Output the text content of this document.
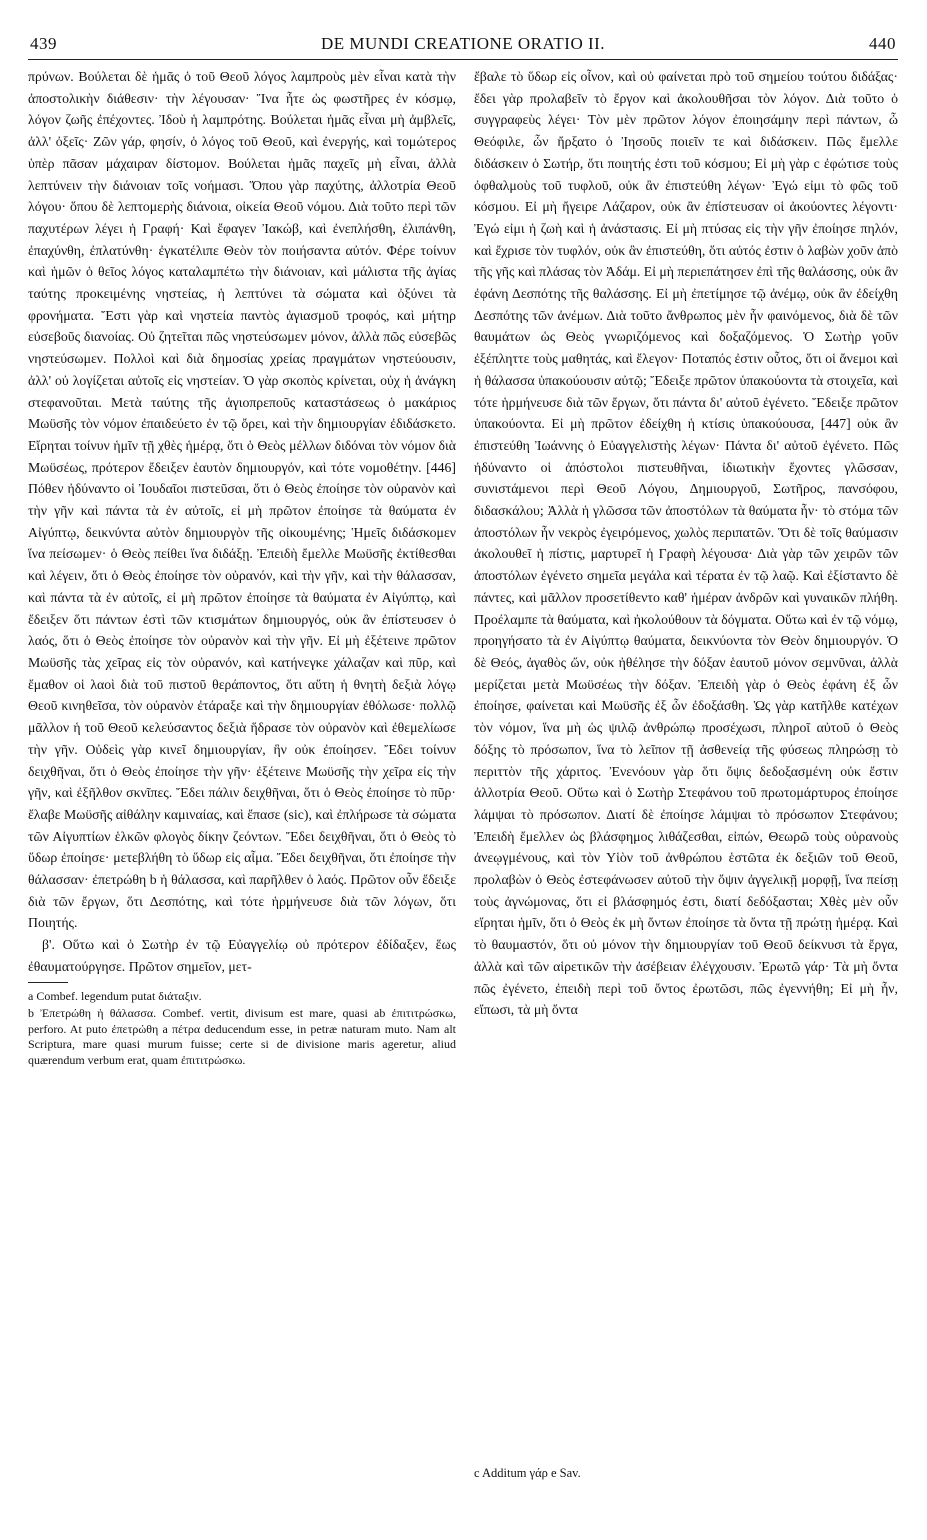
439	DE MUNDI CREATIONE ORATIO II.	440

πρύνων. Βούλεται δὲ ἡμᾶς ὁ τοῦ Θεοῦ λόγος λαμπροὺς μὲν εἶναι κατὰ τὴν ἀποστολικὴν διάθεσιν· τὴν λέγουσαν· Ἵνα ἦτε ὡς φωστῆρες ἐν κόσμῳ, λόγον ζωῆς ἐπέχοντες. Ἰδοὺ ἡ λαμπρότης. Βούλεται ἡμᾶς εἶναι μὴ ἀμβλεῖς, ἀλλ' ὀξεῖς· Ζῶν γάρ, φησίν, ὁ λόγος τοῦ Θεοῦ, καὶ ἐνεργής, καὶ τομώτερος ὑπὲρ πᾶσαν μάχαιραν δίστομον. Βούλεται ἡμᾶς παχεῖς μὴ εἶναι, ἀλλὰ λεπτύνειν τὴν διάνοιαν τοῖς νοήμασι. Ὅπου γὰρ παχύτης, ἀλλοτρία Θεοῦ λόγου· ὅπου δὲ λεπτομερὴς διάνοια, οἰκεία Θεοῦ νόμου. Διὰ τοῦτο περὶ τῶν παχυτέρων λέγει ἡ Γραφή· Καὶ ἔφαγεν Ἰακώβ, καὶ ἐνεπλήσθη, ἐλιπάνθη, ἐπαχύνθη, ἐπλατύνθη· ἐγκατέλιπε Θεὸν τὸν ποιήσαντα αὐτόν. Φέρε τοίνυν καὶ ἡμῶν ὁ θεῖος λόγος καταλαμπέτω τὴν διάνοιαν, καὶ μάλιστα τῆς ἁγίας ταύτης προκειμένης νηστείας, ἡ λεπτύνει τὰ σώματα καὶ ὀξύνει τὰ φρονήματα. Ἔστι γὰρ καὶ νηστεία παντὸς ἁγιασμοῦ τροφός, καὶ μήτηρ εὐσεβοῦς διανοίας. Οὐ ζητεῖται πῶς νηστεύσωμεν μόνον, ἀλλὰ πῶς εὐσεβῶς νηστεύσωμεν. Πολλοὶ καὶ διὰ δημοσίας χρείας πραγμάτων νηστεύουσιν, ἀλλ' οὐ λογίζεται αὐτοῖς εἰς νηστείαν. Ὁ γὰρ σκοπὸς κρίνεται, οὐχ ἡ ἀνάγκη στεφανοῦται. Μετὰ ταύτης τῆς ἁγιοπρεποῦς καταστάσεως ὁ μακάριος Μωϋσῆς τὸν νόμον ἐπαιδεύετο ἐν τῷ ὄρει, καὶ τὴν δημιουργίαν ἐδιδάσκετο. Εἴρηται τοίνυν ἡμῖν τῇ χθὲς ἡμέρᾳ, ὅτι ὁ Θεὸς μέλλων διδόναι τὸν νόμον διὰ Μωϋσέως, πρότερον ἔδειξεν ἑαυτὸν δημιουργόν, καὶ τότε νομοθέτην. [446] Πόθεν ἠδύναντο οἱ Ἰουδαῖοι πιστεῦσαι, ὅτι ὁ Θεὸς ἐποίησε τὸν οὐρανὸν καὶ τὴν γῆν καὶ πάντα τὰ ἐν αὐτοῖς, εἰ μὴ πρῶτον ἐποίησε τὰ θαύματα ἐν Αἰγύπτῳ, δεικνύντα αὐτὸν δημιουργὸν τῆς οἰκουμένης; Ἡμεῖς διδάσκομεν ἵνα πείσωμεν· ὁ Θεὸς πείθει ἵνα διδάξῃ. Ἐπειδὴ ἔμελλε Μωϋσῆς ἐκτίθεσθαι καὶ λέγειν, ὅτι ὁ Θεὸς ἐποίησε τὸν οὐρανόν, καὶ τὴν γῆν, καὶ τὴν θάλασσαν, καὶ πάντα τὰ ἐν αὐτοῖς, εἰ μὴ πρῶτον ἐποίησε τὰ θαύματα ἐν Αἰγύπτῳ, καὶ ἔδειξεν ὅτι πάντων ἐστὶ τῶν κτισμάτων δημιουργός, οὐκ ἂν ἐπίστευσεν ὁ λαός, ὅτι ὁ Θεὸς ἐποίησε τὸν οὐρανὸν καὶ τὴν γῆν. Εἰ μὴ ἐξέτεινε πρῶτον Μωϋσῆς τὰς χεῖρας εἰς τὸν οὐρανόν, καὶ κατήνεγκε χάλαζαν καὶ πῦρ, καὶ ἔμαθον οἱ λαοὶ διὰ τοῦ πιστοῦ θεράποντος, ὅτι αὕτη ἡ θνητὴ δεξιὰ λόγῳ Θεοῦ κινηθεῖσα, τὸν οὐρανὸν ἐτάραξε καὶ τὴν δημιουργίαν ἐθόλωσε· πολλῷ μᾶλλον ἡ τοῦ Θεοῦ κελεύσαντος δεξιὰ ἥδρασε τὸν οὐρανὸν καὶ ἐθεμελίωσε τὴν γῆν. Οὐδεὶς γὰρ κινεῖ δημιουργίαν, ἣν οὐκ ἐποίησεν. Ἔδει τοίνυν δειχθῆναι, ὅτι ὁ Θεὸς ἐποίησε τὴν γῆν· ἐξέτεινε Μωϋσῆς τὴν χεῖρα εἰς τὴν γῆν, καὶ ἐξῆλθον σκνῖπες. Ἔδει πάλιν δειχθῆναι, ὅτι ὁ Θεὸς ἐποίησε τὸ πῦρ· ἔλαβε Μωϋσῆς αἰθάλην καμιναίας, καὶ ἔπασε (sic), καὶ ἐπλήρωσε τὰ σώματα τῶν Αἰγυπτίων ἑλκῶν φλογὸς δίκην ζεόντων. Ἔδει δειχθῆναι, ὅτι ὁ Θεὸς τὸ ὕδωρ ἐποίησε· μετεβλήθη τὸ ὕδωρ εἰς αἷμα. Ἔδει δειχθῆναι, ὅτι ἐποίησε τὴν θάλασσαν· ἐπετρώθη b ἡ θάλασσα, καὶ παρῆλθεν ὁ λαός. Πρῶτον οὖν ἔδειξε διὰ τῶν ἔργων, ὅτι Δεσπότης, καὶ τότε ἡρμήνευσε διὰ τῶν λόγων, ὅτι Ποιητής.

β'. Οὕτω καὶ ὁ Σωτὴρ ἐν τῷ Εὐαγγελίῳ οὐ πρότερον ἐδίδαξεν, ἕως ἐθαυματούργησε. Πρῶτον σημεῖον, μετ-

a Combef. legendum putat διάταξιν.

b Ἐπετρώθη ἡ θάλασσα. Combef. vertit, divisum est mare, quasi ab ἐπιτιτρώσκω, perforo. At puto ἐπετρώθη a πέτρα deducendum esse, in petræ naturam muto. Nam alt Scriptura, mare quasi murum fuisse; certe si de divisione maris ageretur, aliud quærendum verbum erat, quam ἐπιτιτρώσκω.

ἔβαλε τὸ ὕδωρ εἰς οἶνον, καὶ οὐ φαίνεται πρὸ τοῦ σημείου τούτου διδάξας· ἔδει γὰρ προλαβεῖν τὸ ἔργον καὶ ἀκολουθῆσαι τὸν λόγον. Διὰ τοῦτο ὁ συγγραφεὺς λέγει· Τὸν μὲν πρῶτον λόγον ἐποιησάμην περὶ πάντων, ὦ Θεόφιλε, ὧν ἤρξατο ὁ Ἰησοῦς ποιεῖν τε καὶ διδάσκειν. Πῶς ἔμελλε διδάσκειν ὁ Σωτήρ, ὅτι ποιητής ἐστι τοῦ κόσμου; Εἰ μὴ γὰρ c ἐφώτισε τοὺς ὀφθαλμοὺς τοῦ τυφλοῦ, οὐκ ἂν ἐπιστεύθη λέγων· Ἐγώ εἰμι τὸ φῶς τοῦ κόσμου. Εἰ μὴ ἤγειρε Λάζαρον, οὐκ ἂν ἐπίστευσαν οἱ ἀκούοντες λέγοντι· Ἐγώ εἰμι ἡ ζωὴ καὶ ἡ ἀνάστασις. Εἰ μὴ πτύσας εἰς τὴν γῆν ἐποίησε πηλόν, καὶ ἔχρισε τὸν τυφλόν, οὐκ ἂν ἐπιστεύθη, ὅτι αὐτός ἐστιν ὁ λαβὼν χοῦν ἀπὸ τῆς γῆς καὶ πλάσας τὸν Ἀδάμ. Εἰ μὴ περιεπάτησεν ἐπὶ τῆς θαλάσσης, οὐκ ἂν ἐφάνη Δεσπότης τῆς θαλάσσης. Εἰ μὴ ἐπετίμησε τῷ ἀνέμῳ, οὐκ ἂν ἐδείχθη Δεσπότης τῶν ἀνέμων. Διὰ τοῦτο ἄνθρωπος μὲν ἦν φαινόμενος, διὰ δὲ τῶν θαυμάτων ὡς Θεὸς γνωριζόμενος καὶ δοξαζόμενος. Ὁ Σωτὴρ γοῦν ἐξέπληττε τοὺς μαθητάς, καὶ ἔλεγον· Ποταπός ἐστιν οὗτος, ὅτι οἱ ἄνεμοι καὶ ἡ θάλασσα ὑπακούουσιν αὐτῷ; Ἔδειξε πρῶτον ὑπακούοντα τὰ στοιχεῖα, καὶ τότε ἡρμήνευσε διὰ τῶν ἔργων, ὅτι πάντα δι' αὐτοῦ ἐγένετο. Ἔδειξε πρῶτον ὑπακούοντα. Εἰ μὴ πρῶτον ἐδείχθη ἡ κτίσις ὑπακούουσα, [447] οὐκ ἂν ἐπιστεύθη Ἰωάννης ὁ Εὐαγγελιστὴς λέγων· Πάντα δι' αὐτοῦ ἐγένετο. Πῶς ἠδύναντο οἱ ἀπόστολοι πιστευθῆναι, ἰδιωτικὴν ἔχοντες γλῶσσαν, συνιστάμενοι περὶ Θεοῦ Λόγου, Δημιουργοῦ, Σωτῆρος, πανσόφου, διδασκάλου; Ἀλλὰ ἡ γλῶσσα τῶν ἀποστόλων τὰ θαύματα ἦν· τὸ στόμα τῶν ἀποστόλων ἦν νεκρὸς ἐγειρόμενος, χωλὸς περιπατῶν. Ὅτι δὲ τοῖς θαύμασιν ἀκολουθεῖ ἡ πίστις, μαρτυρεῖ ἡ Γραφὴ λέγουσα· Διὰ γὰρ τῶν χειρῶν τῶν ἀποστόλων ἐγένετο σημεῖα μεγάλα καὶ τέρατα ἐν τῷ λαῷ. Καὶ ἐξίσταντο δὲ πάντες, καὶ μᾶλλον προσετίθεντο καθ' ἡμέραν ἀνδρῶν καὶ γυναικῶν πλήθη. Προέλαμπε τὰ θαύματα, καὶ ἠκολούθουν τὰ δόγματα. Οὕτω καὶ ἐν τῷ νόμῳ, προηγήσατο τὰ ἐν Αἰγύπτῳ θαύματα, δεικνύοντα τὸν Θεὸν δημιουργόν. Ὁ δὲ Θεός, ἀγαθὸς ὤν, οὐκ ἠθέλησε τὴν δόξαν ἑαυτοῦ μόνον σεμνῦναι, ἀλλὰ μερίζεται μετὰ Μωϋσέως τὴν δόξαν. Ἐπειδὴ γὰρ ὁ Θεὸς ἐφάνη ἐξ ὧν ἐποίησε, φαίνεται καὶ Μωϋσῆς ἐξ ὧν ἐδοξάσθη. Ὡς γὰρ κατῆλθε κατέχων τὸν νόμον, ἵνα μὴ ὡς ψιλῷ ἀνθρώπῳ προσέχωσι, πληροῖ αὐτοῦ ὁ Θεὸς δόξης τὸ πρόσωπον, ἵνα τὸ λεῖπον τῇ ἀσθενείᾳ τῆς φύσεως πληρώσῃ τὸ περιττὸν τῆς χάριτος. Ἐνενόουν γὰρ ὅτι ὄψις δεδοξασμένη οὐκ ἔστιν ἀλλοτρία Θεοῦ. Οὕτω καὶ ὁ Σωτὴρ Στεφάνου τοῦ πρωτομάρτυρος ἐποίησε λάμψαι τὸ πρόσωπον. Διατί δὲ ἐποίησε λάμψαι τὸ πρόσωπον Στεφάνου; Ἐπειδὴ ἔμελλεν ὡς βλάσφημος λιθάζεσθαι, εἰπών, Θεωρῶ τοὺς οὐρανοὺς ἀνεῳγμένους, καὶ τὸν Υἱὸν τοῦ ἀνθρώπου ἑστῶτα ἐκ δεξιῶν τοῦ Θεοῦ, προλαβὼν ὁ Θεὸς ἐστεφάνωσεν αὐτοῦ τὴν ὄψιν ἀγγελικῇ μορφῇ, ἵνα πείσῃ τοὺς ἀγνώμονας, ὅτι εἰ βλάσφημός ἐστι, διατί δεδόξασται; Χθὲς μὲν οὖν εἴρηται ἡμῖν, ὅτι ὁ Θεὸς ἐκ μὴ ὄντων ἐποίησε τὰ ὄντα τῇ πρώτῃ ἡμέρᾳ. Καὶ τὸ θαυμαστόν, ὅτι οὐ μόνον τὴν δημιουργίαν τοῦ Θεοῦ δείκνυσι τὰ ἔργα, ἀλλὰ καὶ τῶν αἱρετικῶν τὴν ἀσέβειαν ἐλέγχουσιν. Ἐρωτῶ γάρ· Τὰ μὴ ὄντα πῶς ἐγένετο, ἐπειδὴ περὶ τοῦ ὄντος ἐρωτῶσι, πῶς ἐγεννήθη; Εἰ μὴ ἦν, εἴπωσι, τὰ μὴ ὄντα

c Additum γάρ e Sav.
